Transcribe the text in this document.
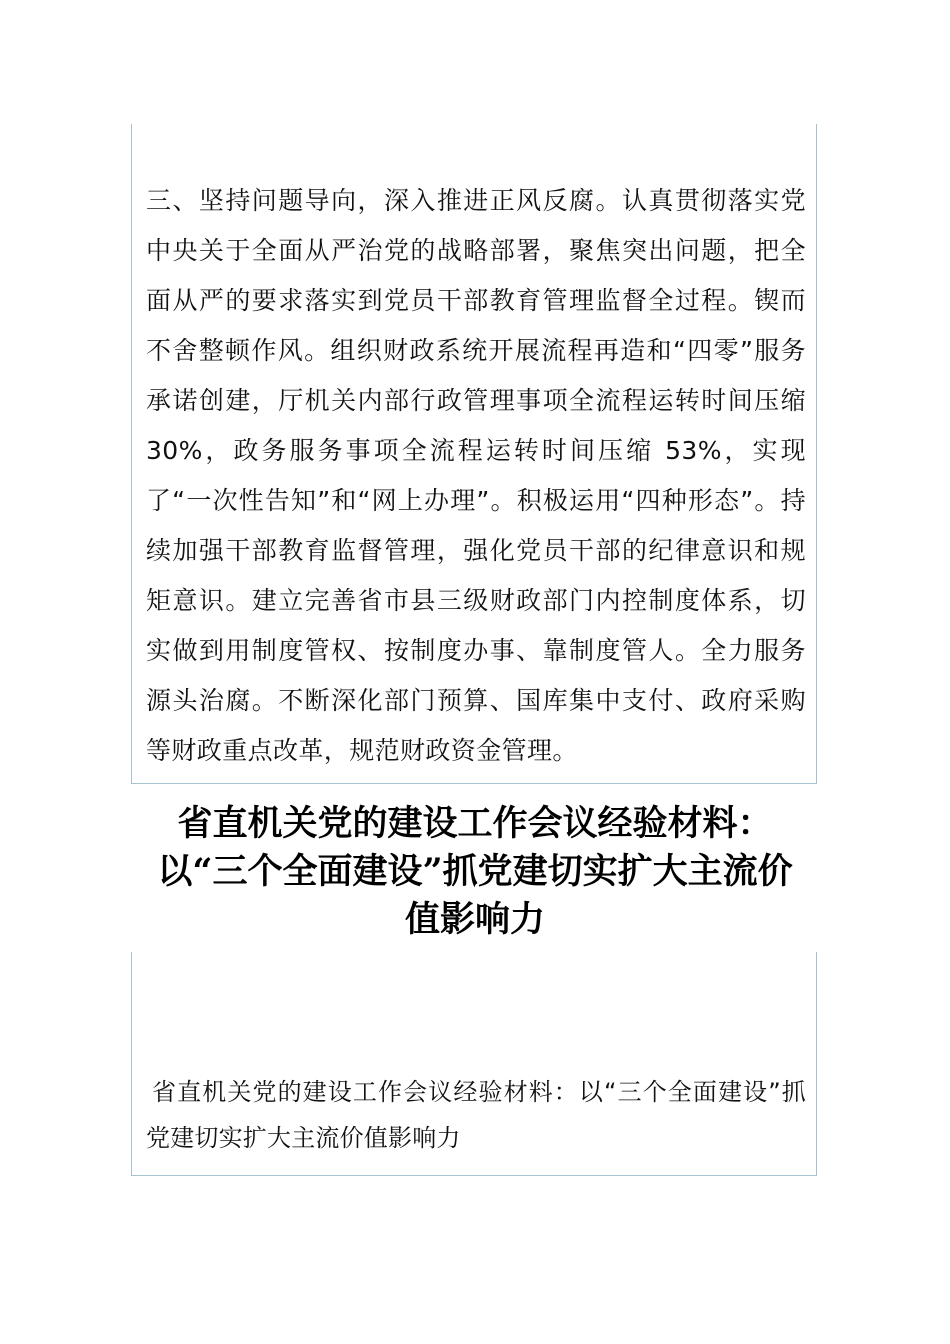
三、坚持问题导向，深入推进正风反腐。认真贯彻落实党中央关于全面从严治党的战略部署，聚焦突出问题，把全面从严的要求落实到党员干部教育管理监督全过程。锲而不舍整顿作风。组织财政系统开展流程再造和“四零”服务承诺创建，厅机关内部行政管理事项全流程运转时间压缩 30%，政务服务事项全流程运转时间压缩 53%，实现了“一次性告知”和“网上办理”。积极运用“四种形态”。持续加强干部教育监督管理，强化党员干部的纪律意识和规矩意识。建立完善省市县三级财政部门内控制度体系，切实做到用制度管权、按制度办事、靠制度管人。全力服务源头治腐。不断深化部门预算、国库集中支付、政府采购等财政重点改革，规范财政资金管理。

省直机关党的建设工作会议经验材料：以“三个全面建设”抓党建切实扩大主流价值影响力

省直机关党的建设工作会议经验材料：以“三个全面建设”抓党建切实扩大主流价值影响力
